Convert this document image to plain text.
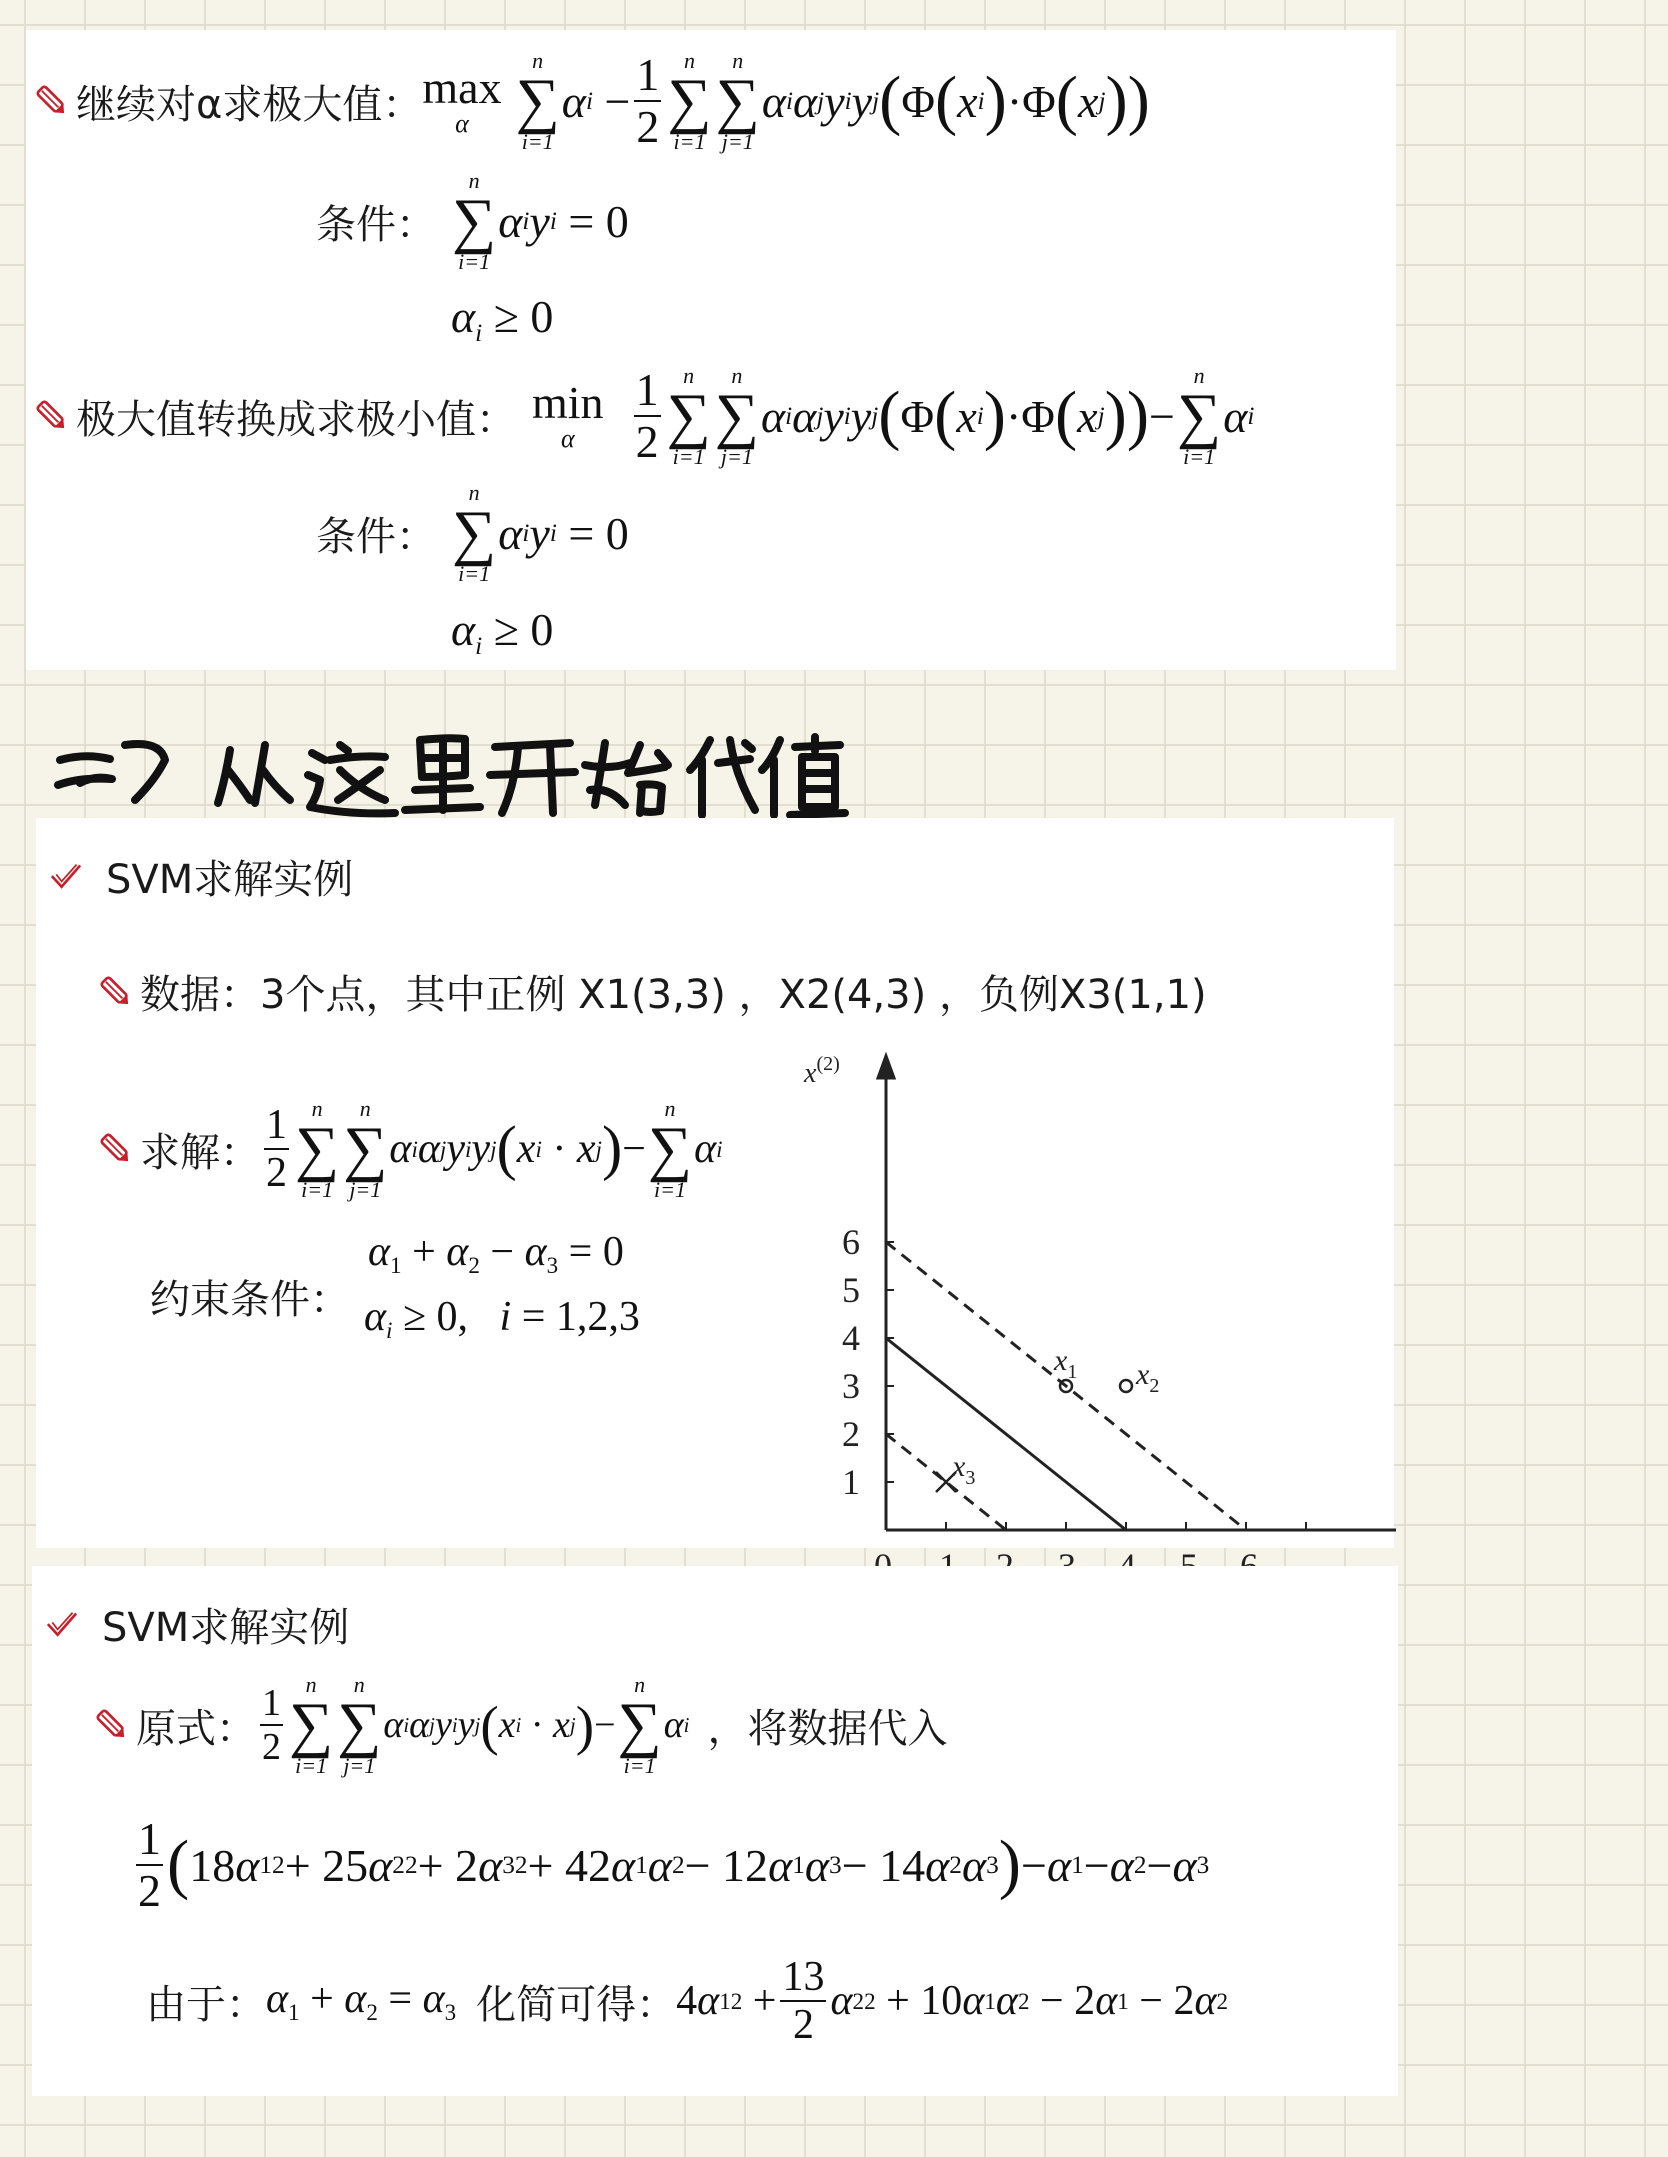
继续对α求极大值： max
α
n
∑
i=1
α $i - \frac{1}{2}$ n
∑
i=1
n
∑
j=1
α i α j y i y j ( Φ ( x i ) ·Φ ( x j ))
条件：
n
∑
i=1
α i y i
= 0
$\alpha_i \ge 0$
极大值转换成求极小值： min
α $\frac{1}{2}$ n
∑
i=1
n
∑
j=1
α i α j y i y j ( Φ ( x i ) ·Φ ( x j )) −
n
∑
i=1
α i
条件：
n
∑
i=1
α i y i
= 0
$\alpha_i \ge 0$
SVM求解实例
数据：3个点，其中正例 X1(3,3) ，X2(4,3) ，负例X3(1,1)
求解： $\frac{1}{2}$ n
∑
i=1
n
∑
j=1
α i α j y i y j ( x i · x j ) −
n
∑
i=1
α i
约束条件：
α1 + α2 − α3 = 0
$\alpha_i \ge 0$,   i = 1,2,3
1
2
3
4
5
6
$x^{(2)}$
$x_1$ $x_2$
$x_3$
SVM求解实例
原式： $\frac{1}{2}$ n
∑
i=1
n
∑
j=1
α i α j y i y j ( x i · x j ) −
n
∑
i=1
α i ，将数据代入
$\frac{1}{2}$ ( 18 α 1 2 + 25 α 2 2 + 2 α 3 2 + 42 α 1 α 2 − 12 α 1 α 3 − 14 α 2 α 3 ) − α 1 − α 2 − α 3
由于： α1 + α2 = α3 化简可得： 4 α 1 $2 + \frac{13}{2}$ α 2 2 + 10 α 1 α 2 − 2 α 1 − 2 α 2
